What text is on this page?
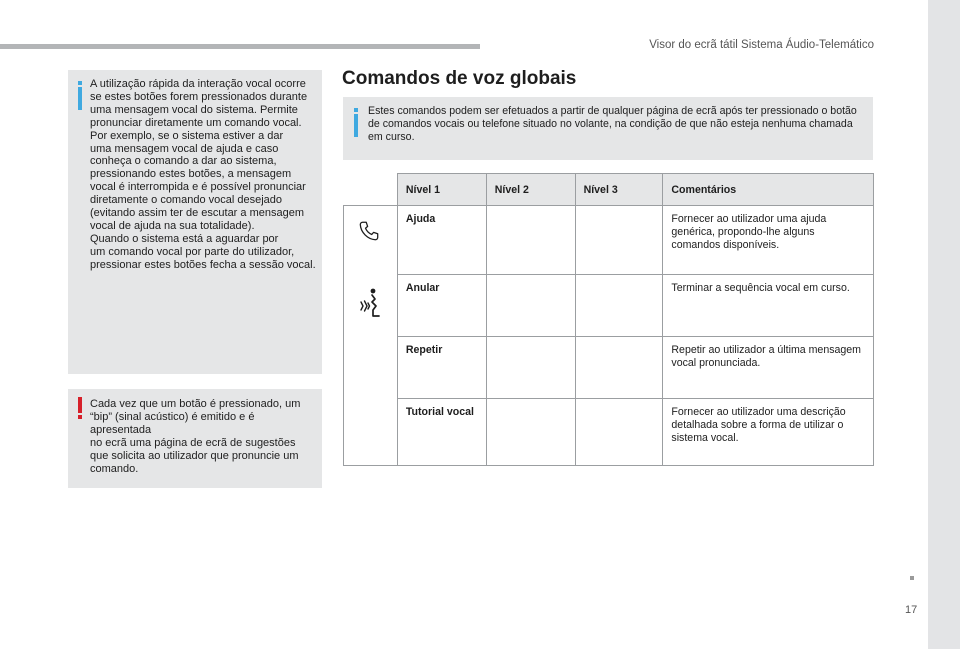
Visor do ecrã tátil Sistema Áudio-Telemático
A utilização rápida da interação vocal ocorre
se estes botões forem pressionados durante
uma mensagem vocal do sistema. Permite
pronunciar diretamente um comando vocal.
Por exemplo, se o sistema estiver a dar
uma mensagem vocal de ajuda e caso
conheça o comando a dar ao sistema,
pressionando estes botões, a mensagem
vocal é interrompida e é possível pronunciar
diretamente o comando vocal desejado
(evitando assim ter de escutar a mensagem
vocal de ajuda na sua totalidade).
Quando o sistema está a aguardar por
um comando vocal por parte do utilizador,
pressionar estes botões fecha a sessão vocal.
Cada vez que um botão é pressionado, um
“bip” (sinal acústico) é emitido e é apresentada
no ecrã uma página de ecrã de sugestões
que solicita ao utilizador que pronuncie um
comando.
Comandos de voz globais
Estes comandos podem ser efetuados a partir de qualquer página de ecrã após ter pressionado o botão de comandos vocais ou telefone situado no volante, na condição de que não esteja nenhuma chamada em curso.
	Nível 1	Nível 2	Nível 3	Comentários

	Ajuda			Fornecer ao utilizador uma ajuda genérica, propondo-lhe alguns comandos disponíveis.
	Anular			Terminar a sequência vocal em curso.
	Repetir			Repetir ao utilizador a última mensagem vocal pronunciada.
	Tutorial vocal			Fornecer ao utilizador uma descrição detalhada sobre a forma de utilizar o sistema vocal.
17
